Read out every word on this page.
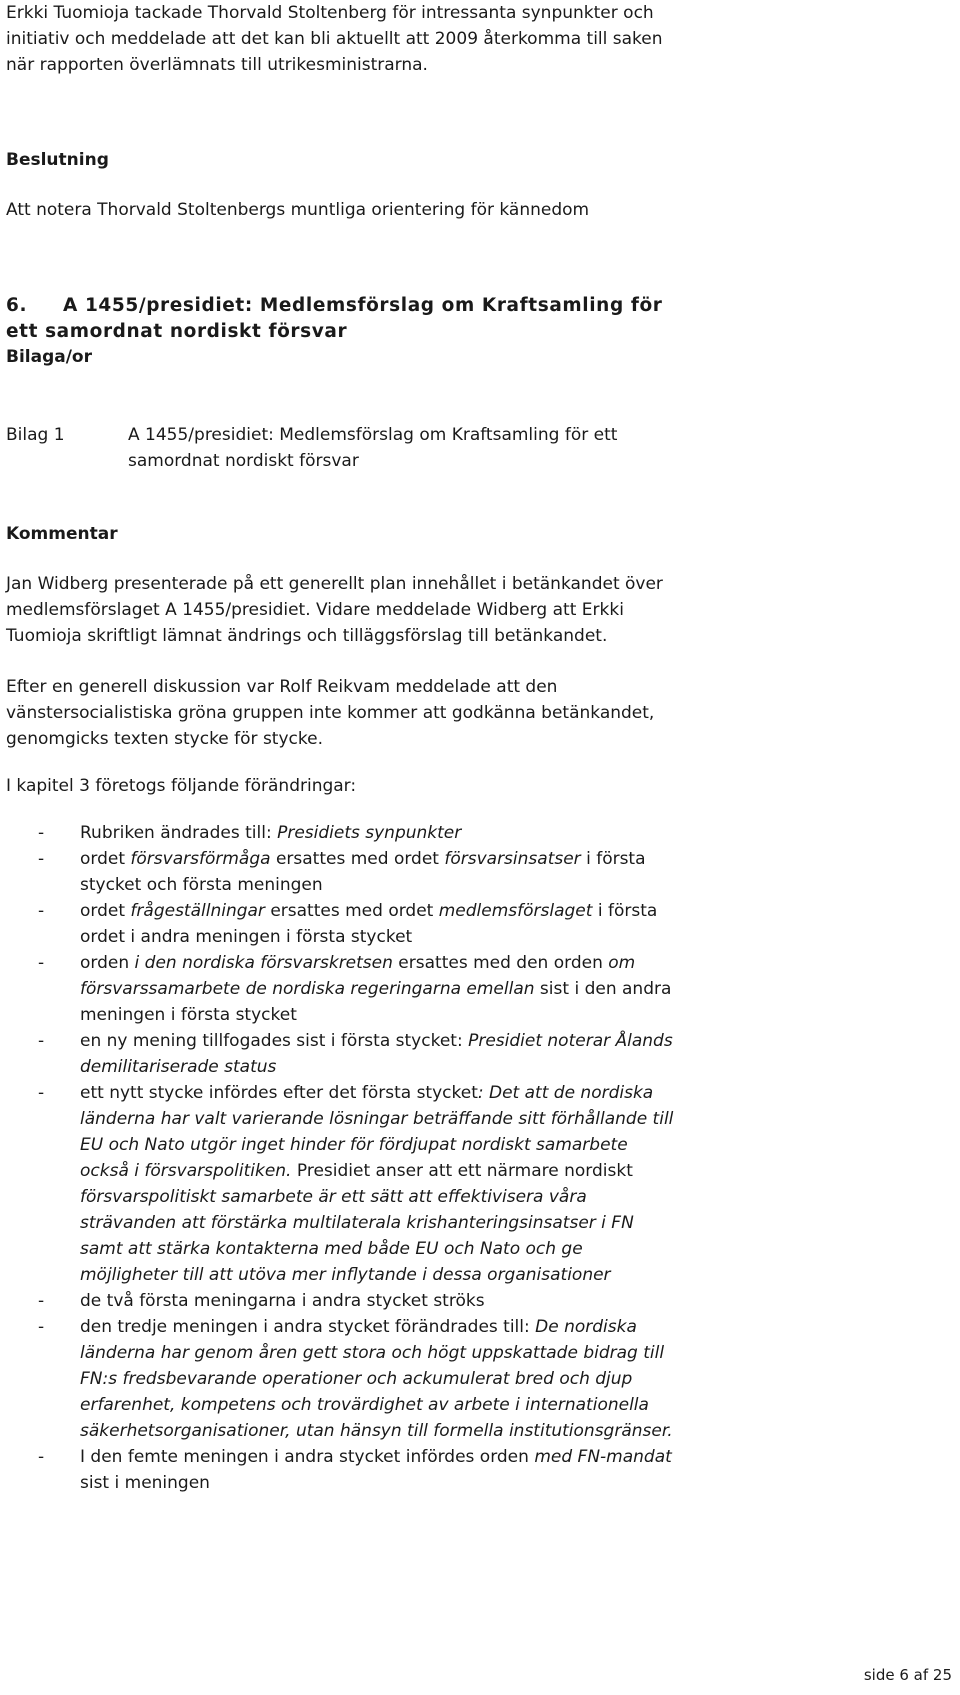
Erkki Tuomioja tackade Thorvald Stoltenberg för intressanta synpunkter och
initiativ och meddelade att det kan bli aktuellt att 2009 återkomma till saken
när rapporten överlämnats till utrikesministrarna.
Beslutning
Att notera Thorvald Stoltenbergs muntliga orientering för kännedom
6. A 1455/presidiet: Medlemsförslag om Kraftsamling för
ett samordnat nordiskt försvar
Bilaga/or
Bilag 1	A 1455/presidiet: Medlemsförslag om Kraftsamling för ett
samordnat nordiskt försvar
Kommentar
Jan Widberg presenterade på ett generellt plan innehållet i betänkandet över
medlemsförslaget A 1455/presidiet. Vidare meddelade Widberg att Erkki
Tuomioja skriftligt lämnat ändrings och tilläggsförslag till betänkandet.
Efter en generell diskussion var Rolf Reikvam meddelade att den
vänstersocialistiska gröna gruppen inte kommer att godkänna betänkandet,
genomgicks texten stycke för stycke.
I kapitel 3 företogs följande förändringar:
- Rubriken ändrades till: Presidiets synpunkter
- ordet försvarsförmåga ersattes med ordet försvarsinsatser i första
stycket och första meningen
- ordet frågeställningar ersattes med ordet medlemsförslaget i första
ordet i andra meningen i första stycket
- orden i den nordiska försvarskretsen ersattes med den orden om
försvarssamarbete de nordiska regeringarna emellan sist i den andra
meningen i första stycket
- en ny mening tillfogades sist i första stycket: Presidiet noterar Ålands
demilitariserade status
- ett nytt stycke infördes efter det första stycket: Det att de nordiska
länderna har valt varierande lösningar beträffande sitt förhållande till
EU och Nato utgör inget hinder för fördjupat nordiskt samarbete
också i försvarspolitiken. Presidiet anser att ett närmare nordiskt
försvarspolitiskt samarbete är ett sätt att effektivisera våra
strävanden att förstärka multilaterala krishanteringsinsatser i FN
samt att stärka kontakterna med både EU och Nato och ge
möjligheter till att utöva mer inflytande i dessa organisationer
- de två första meningarna i andra stycket ströks
- den tredje meningen i andra stycket förändrades till: De nordiska
länderna har genom åren gett stora och högt uppskattade bidrag till
FN:s fredsbevarande operationer och ackumulerat bred och djup
erfarenhet, kompetens och trovärdighet av arbete i internationella
säkerhetsorganisationer, utan hänsyn till formella institutionsgränser.
- I den femte meningen i andra stycket infördes orden med FN-mandat
sist i meningen
side 6 af 25
